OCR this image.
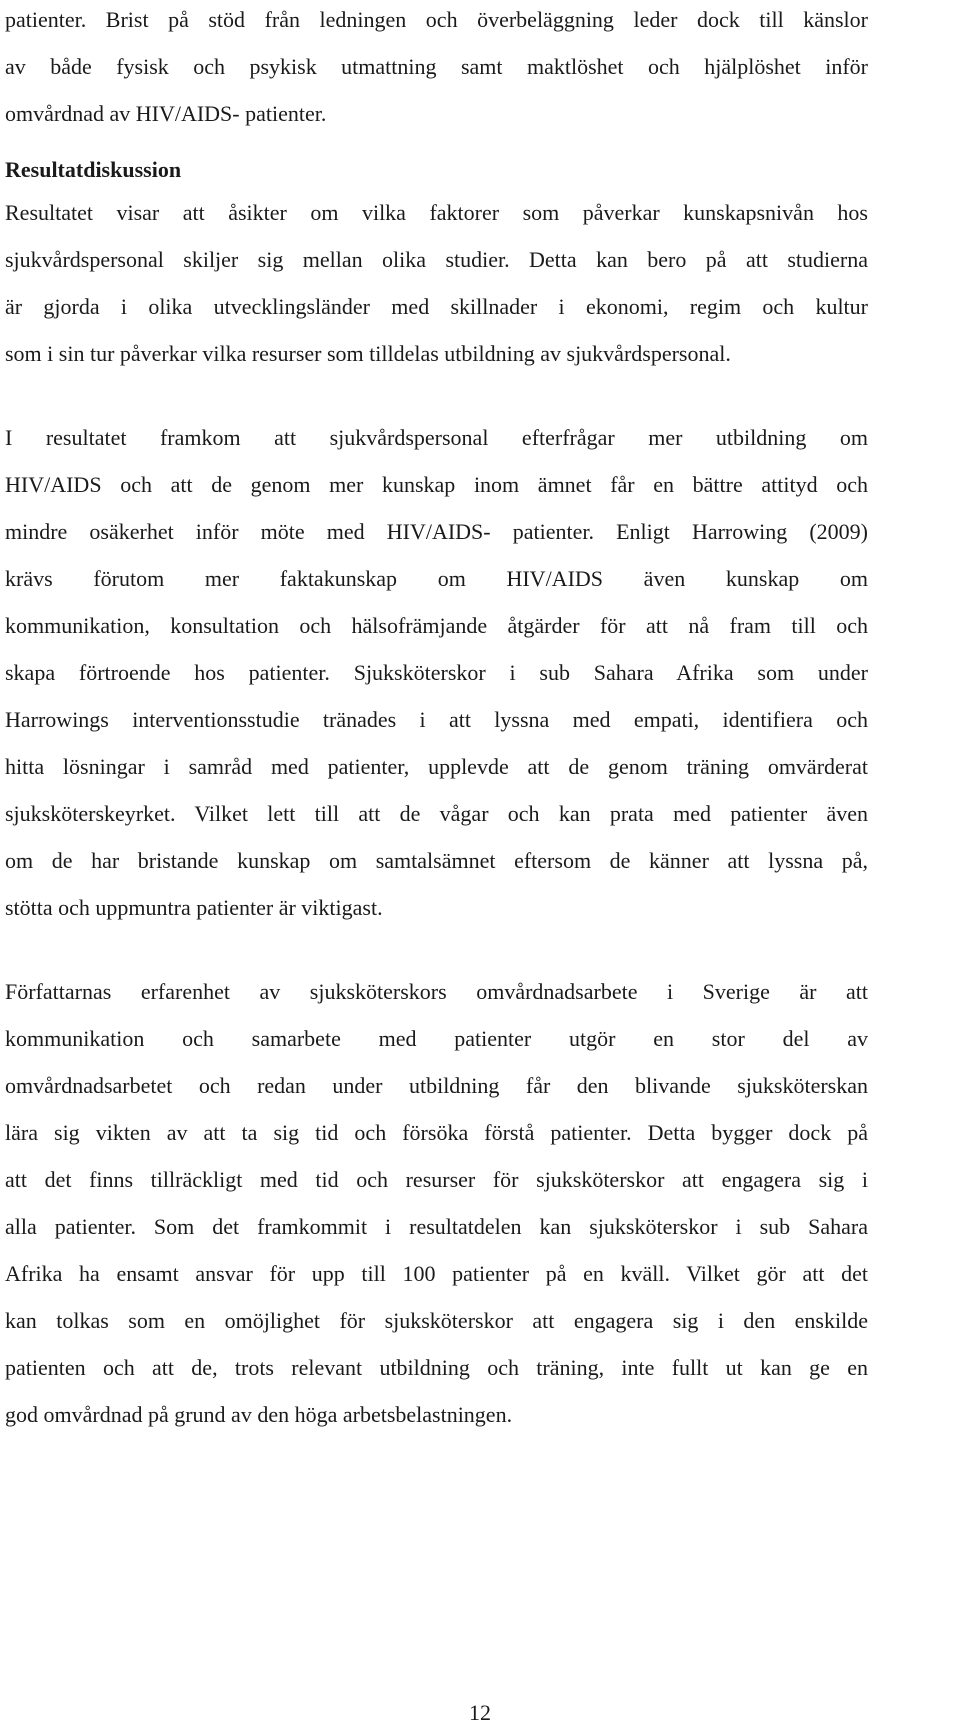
patienter. Brist på stöd från ledningen och överbeläggning leder dock till känslor
av både fysisk och psykisk utmattning samt maktlöshet och hjälplöshet inför
omvårdnad av HIV/AIDS- patienter.
Resultatdiskussion
Resultatet visar att åsikter om vilka faktorer som påverkar kunskapsnivån hos
sjukvårdspersonal skiljer sig mellan olika studier. Detta kan bero på att studierna
är gjorda i olika utvecklingsländer med skillnader i ekonomi, regim och kultur
som i sin tur påverkar vilka resurser som tilldelas utbildning av sjukvårdspersonal.
I resultatet framkom att sjukvårdspersonal efterfrågar mer utbildning om
HIV/AIDS och att de genom mer kunskap inom ämnet får en bättre attityd och
mindre osäkerhet inför möte med HIV/AIDS- patienter. Enligt Harrowing (2009)
krävs förutom mer faktakunskap om HIV/AIDS även kunskap om
kommunikation, konsultation och hälsofrämjande åtgärder för att nå fram till och
skapa förtroende hos patienter. Sjuksköterskor i sub Sahara Afrika som under
Harrowings interventionsstudie tränades i att lyssna med empati, identifiera och
hitta lösningar i samråd med patienter, upplevde att de genom träning omvärderat
sjuksköterskeyrket. Vilket lett till att de vågar och kan prata med patienter även
om de har bristande kunskap om samtalsämnet eftersom de känner att lyssna på,
stötta och uppmuntra patienter är viktigast.
Författarnas erfarenhet av sjuksköterskors omvårdnadsarbete i Sverige är att
kommunikation och samarbete med patienter utgör en stor del av
omvårdnadsarbetet och redan under utbildning får den blivande sjuksköterskan
lära sig vikten av att ta sig tid och försöka förstå patienter. Detta bygger dock på
att det finns tillräckligt med tid och resurser för sjuksköterskor att engagera sig i
alla patienter. Som det framkommit i resultatdelen kan sjuksköterskor i sub Sahara
Afrika ha ensamt ansvar för upp till 100 patienter på en kväll. Vilket gör att det
kan tolkas som en omöjlighet för sjuksköterskor att engagera sig i den enskilde
patienten och att de, trots relevant utbildning och träning, inte fullt ut kan ge en
god omvårdnad på grund av den höga arbetsbelastningen.
12
